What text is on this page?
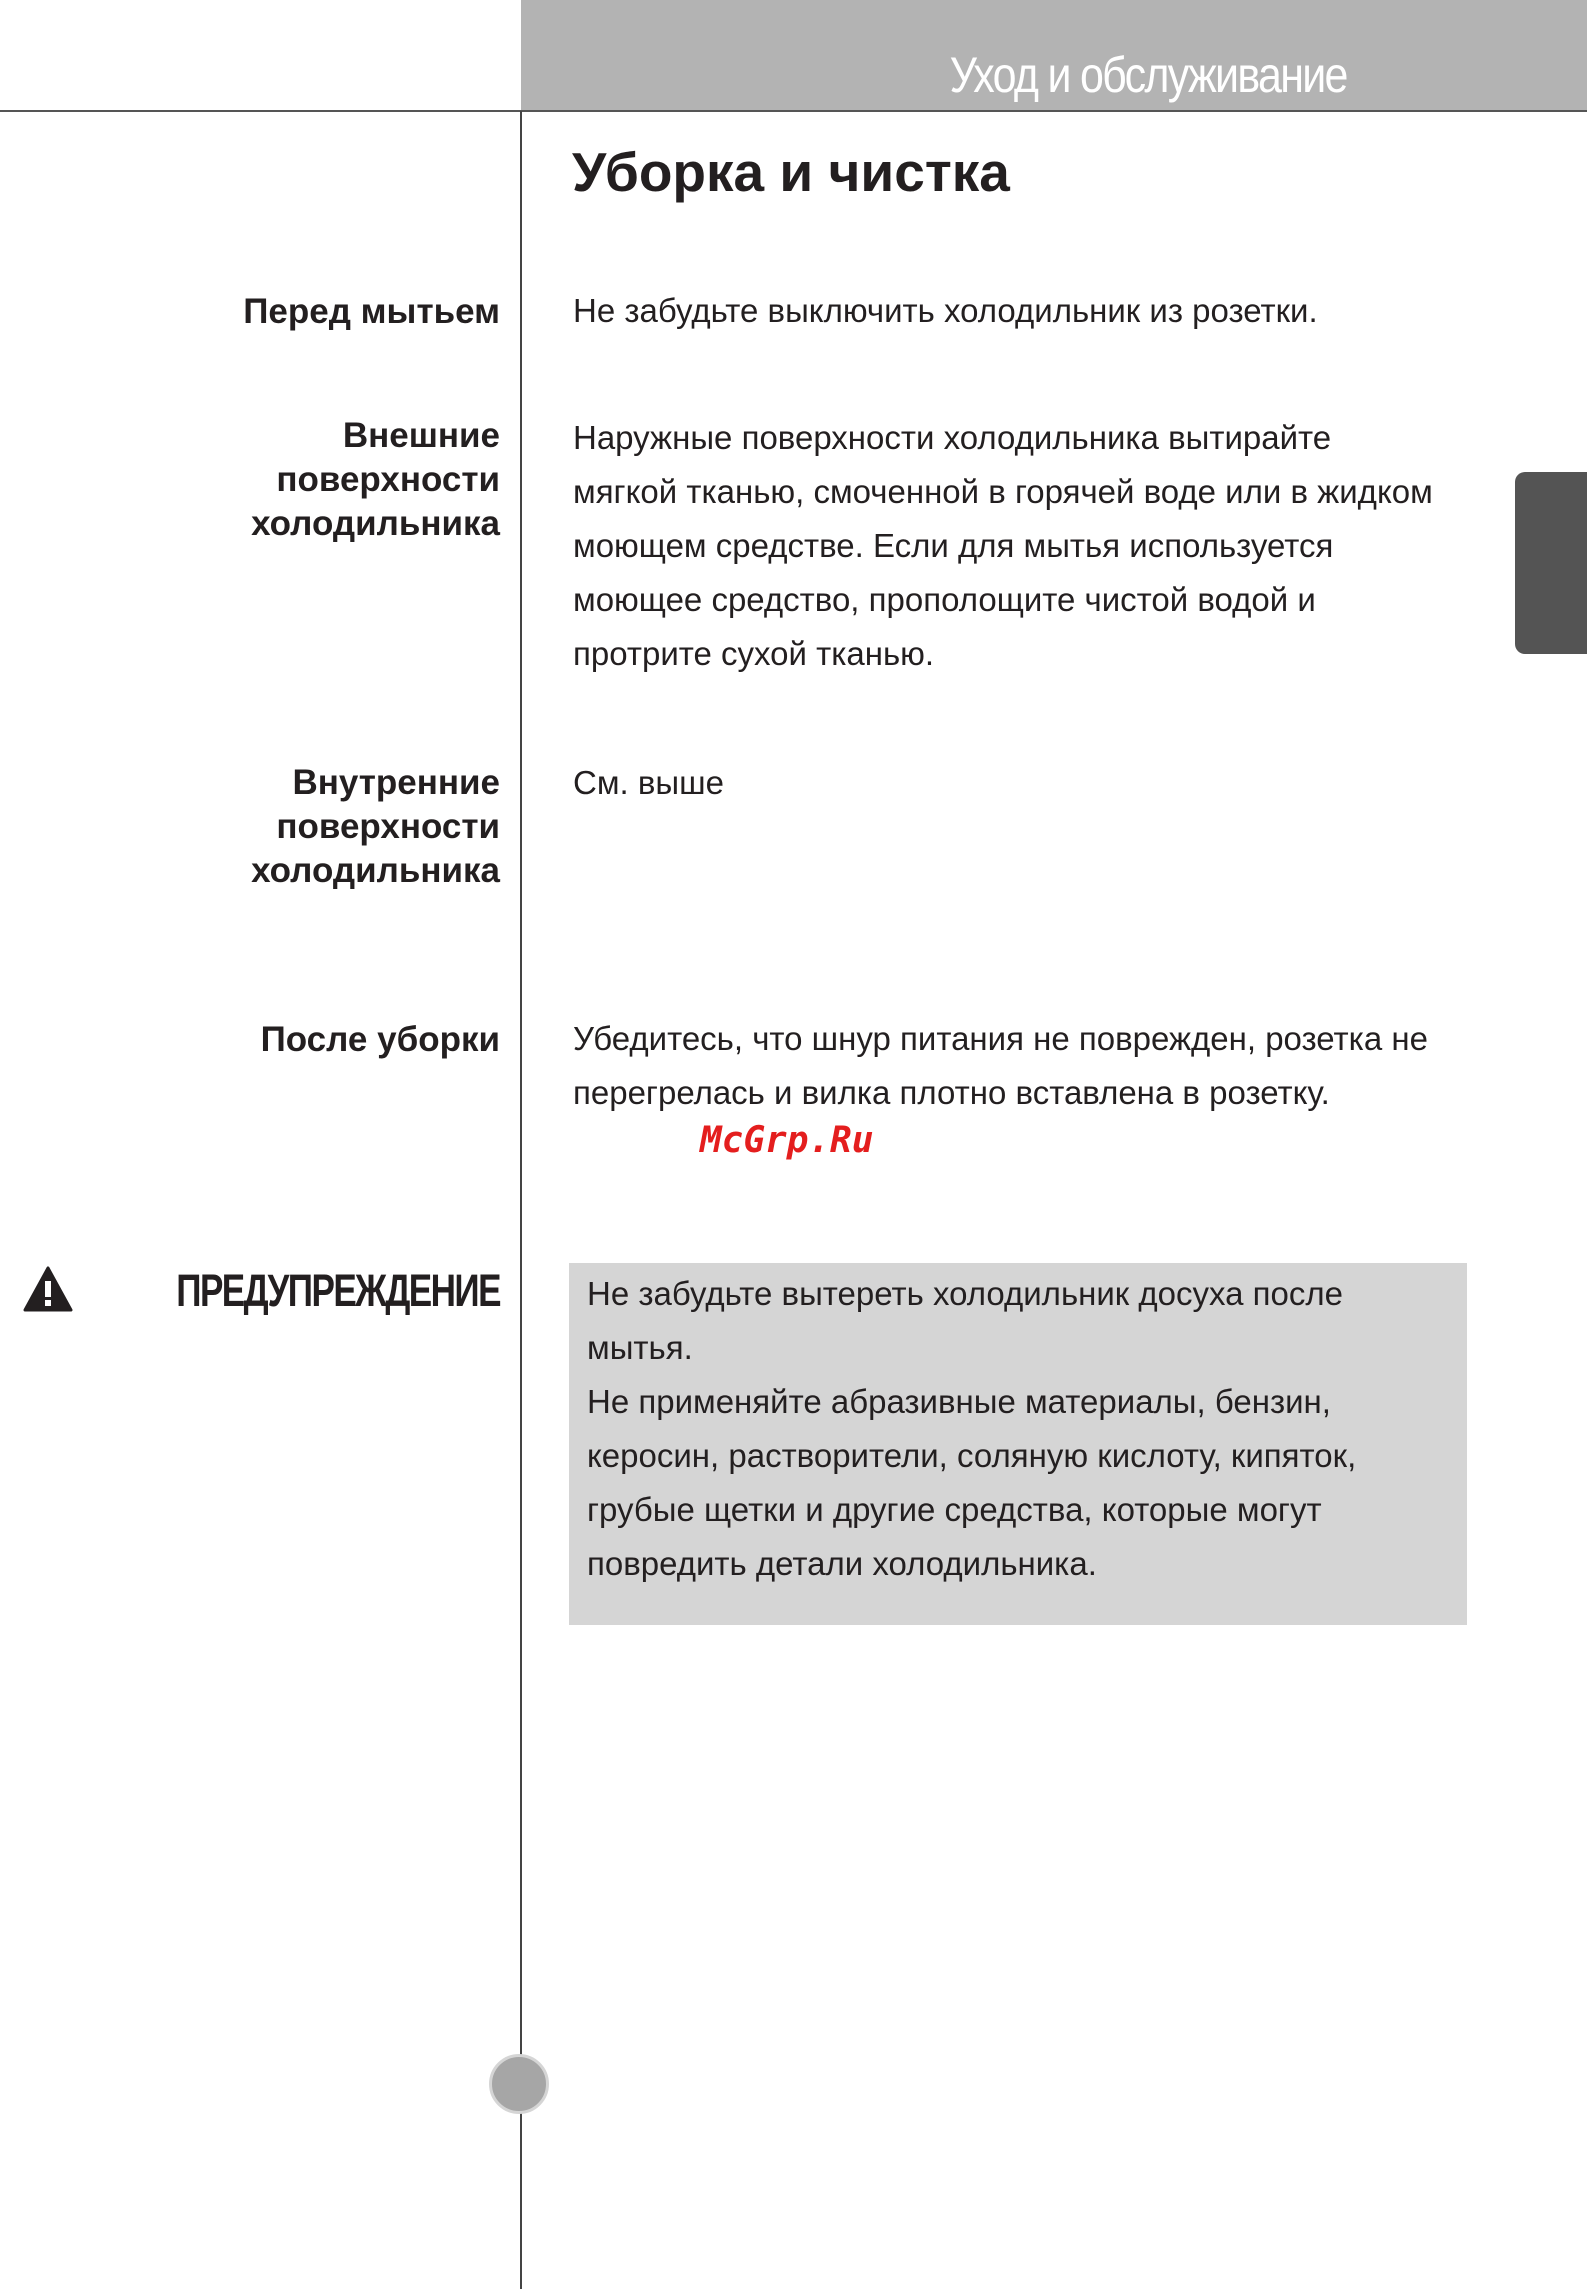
Уход и обслуживание
Уборка и чистка
Перед мытьем Не забудьте выключить холодильник из розетки.

Внешние поверхности холодильника

Наружные поверхности холодильника вытирайте мягкой тканью, смоченной в горячей воде или в жидком моющем средстве. Если для мытья используется моющее средство, прополощите чистой водой и протрите сухой тканью.

Внутренние поверхности холодильника

См. выше

После уборки Убедитесь, что шнур питания не поврежден, розетка не перегрелась и вилка плотно вставлена в розетку.

ПРЕДУПРЕЖДЕНИЕ	Не забудьте вытереть холодильник досуха после мытья.

Не применяйте абразивные материалы, бензин, керосин, растворители, соляную кислоту, кипяток, грубые щетки и другие средства, которые могут повредить детали холодильника.

McGrp.Ru
